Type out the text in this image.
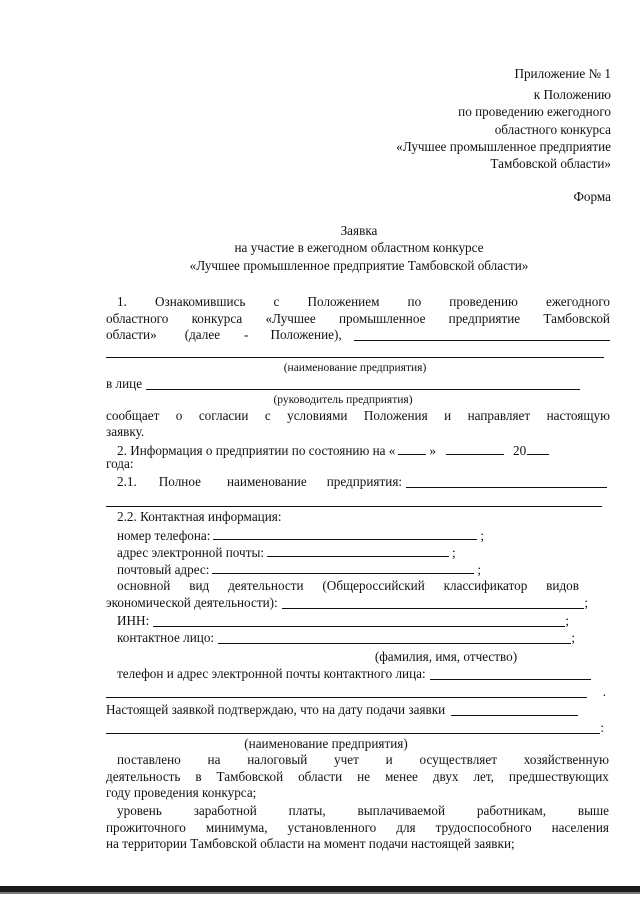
Приложение № 1
к Положению
по проведению ежегодного
областного конкурса
«Лучшее промышленное предприятие
Тамбовской области»
Форма
Заявка
на участие в ежегодном областном конкурсе
«Лучшее промышленное предприятие Тамбовской области»
1. Ознакомившись с Положением по проведению ежегодного
областного конкурса «Лучшее промышленное предприятие Тамбовской
области» (далее - Положение),
(наименование предприятия)
в лице
(руководитель предприятия)
сообщает о согласии с условиями Положения и направляет настоящую
заявку.
2. Информация о предприятии по состоянию на «	»	20
года:
2.1. Полное наименование предприятия:
2.2. Контактная информация:
номер телефона:	;
адрес электронной почты:	;
почтовый адрес:	;
основной вид деятельности (Общероссийский классификатор видов
экономической деятельности):	;
ИНН:	;
контактное лицо:	;
(фамилия, имя, отчество)
телефон и адрес электронной почты контактного лица:
.
Настоящей заявкой подтверждаю, что на дату подачи заявки
:
(наименование предприятия)
поставлено на налоговый учет и осуществляет хозяйственную
деятельность в Тамбовской области не менее двух лет, предшествующих
году проведения конкурса;
уровень заработной платы, выплачиваемой работникам, выше
прожиточного минимума, установленного для трудоспособного населения
на территории Тамбовской области на момент подачи настоящей заявки;
